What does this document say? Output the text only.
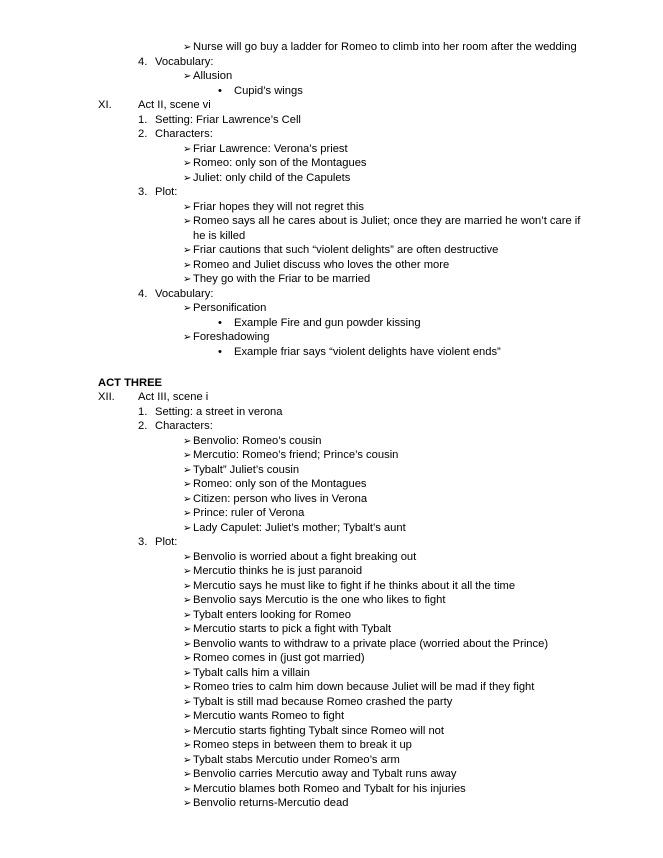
➢ Nurse will go buy a ladder for Romeo to climb into her room after the wedding
4. Vocabulary:
➢ Allusion
• Cupid’s wings
XI. Act II, scene vi
1. Setting: Friar Lawrence’s Cell
2. Characters:
➢ Friar Lawrence: Verona’s priest
➢ Romeo: only son of the Montagues
➢ Juliet: only child of the Capulets
3. Plot:
➢ Friar hopes they will not regret this
➢ Romeo says all he cares about is Juliet; once they are married he won’t care if
he is killed
➢ Friar cautions that such “violent delights” are often destructive
➢ Romeo and Juliet discuss who loves the other more
➢ They go with the Friar to be married
4. Vocabulary:
➢ Personification
• Example Fire and gun powder kissing
➢ Foreshadowing
• Example friar says “violent delights have violent ends”
ACT THREE
XII. Act III, scene i
1. Setting: a street in verona
2. Characters:
➢ Benvolio: Romeo’s cousin
➢ Mercutio: Romeo’s friend; Prince’s cousin
➢ Tybalt” Juliet’s cousin
➢ Romeo: only son of the Montagues
➢ Citizen: person who lives in Verona
➢ Prince: ruler of Verona
➢ Lady Capulet: Juliet’s mother; Tybalt’s aunt
3. Plot:
➢ Benvolio is worried about a fight breaking out
➢ Mercutio thinks he is just paranoid
➢ Mercutio says he must like to fight if he thinks about it all the time
➢ Benvolio says Mercutio is the one who likes to fight
➢ Tybalt enters looking for Romeo
➢ Mercutio starts to pick a fight with Tybalt
➢ Benvolio wants to withdraw to a private place (worried about the Prince)
➢ Romeo comes in (just got married)
➢ Tybalt calls him a villain
➢ Romeo tries to calm him down because Juliet will be mad if they fight
➢ Tybalt is still mad because Romeo crashed the party
➢ Mercutio wants Romeo to fight
➢ Mercutio starts fighting Tybalt since Romeo will not
➢ Romeo steps in between them to break it up
➢ Tybalt stabs Mercutio under Romeo’s arm
➢ Benvolio carries Mercutio away and Tybalt runs away
➢ Mercutio blames both Romeo and Tybalt for his injuries
➢ Benvolio returns-Mercutio dead
